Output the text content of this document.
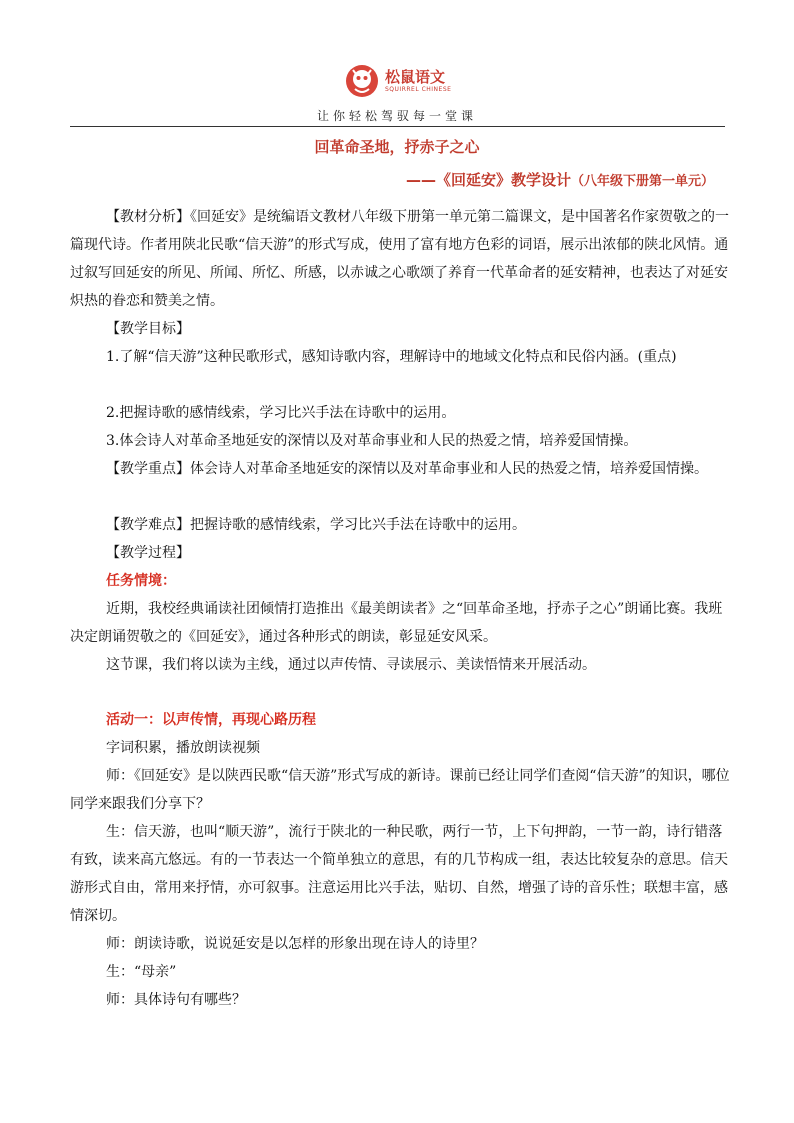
松鼠语文
SQUIRREL CHINESE
让你轻松驾驭每一堂课
回革命圣地，抒赤子之心
——《回延安》教学设计（八年级下册第一单元）

【教材分析】《回延安》是统编语文教材八年级下册第一单元第二篇课文，是中国著名作家贺敬之的一篇现代诗。作者用陕北民歌“信天游”的形式写成，使用了富有地方色彩的词语，展示出浓郁的陕北风情。通过叙写回延安的所见、所闻、所忆、所感，以赤诚之心歌颂了养育一代革命者的延安精神，也表达了对延安炽热的眷恋和赞美之情。

【教学目标】

1.了解“信天游”这种民歌形式，感知诗歌内容，理解诗中的地域文化特点和民俗内涵。(重点)

2.把握诗歌的感情线索，学习比兴手法在诗歌中的运用。

3.体会诗人对革命圣地延安的深情以及对革命事业和人民的热爱之情，培养爱国情操。

【教学重点】体会诗人对革命圣地延安的深情以及对革命事业和人民的热爱之情，培养爱国情操。

【教学难点】把握诗歌的感情线索，学习比兴手法在诗歌中的运用。

【教学过程】

任务情境：

近期，我校经典诵读社团倾情打造推出《最美朗读者》之“回革命圣地，抒赤子之心”朗诵比赛。我班决定朗诵贺敬之的《回延安》，通过各种形式的朗读，彰显延安风采。

这节课，我们将以读为主线，通过以声传情、寻读展示、美读悟情来开展活动。

活动一：以声传情，再现心路历程

字词积累，播放朗读视频

师：《回延安》是以陕西民歌“信天游”形式写成的新诗。课前已经让同学们查阅“信天游”的知识，哪位同学来跟我们分享下？

生：信天游，也叫“顺天游”，流行于陕北的一种民歌，两行一节，上下句押韵，一节一韵，诗行错落有致，读来高亢悠远。有的一节表达一个简单独立的意思，有的几节构成一组，表达比较复杂的意思。信天游形式自由，常用来抒情，亦可叙事。注意运用比兴手法，贴切、自然，增强了诗的音乐性；联想丰富，感情深切。

师：朗读诗歌，说说延安是以怎样的形象出现在诗人的诗里？

生：“母亲”

师：具体诗句有哪些？
